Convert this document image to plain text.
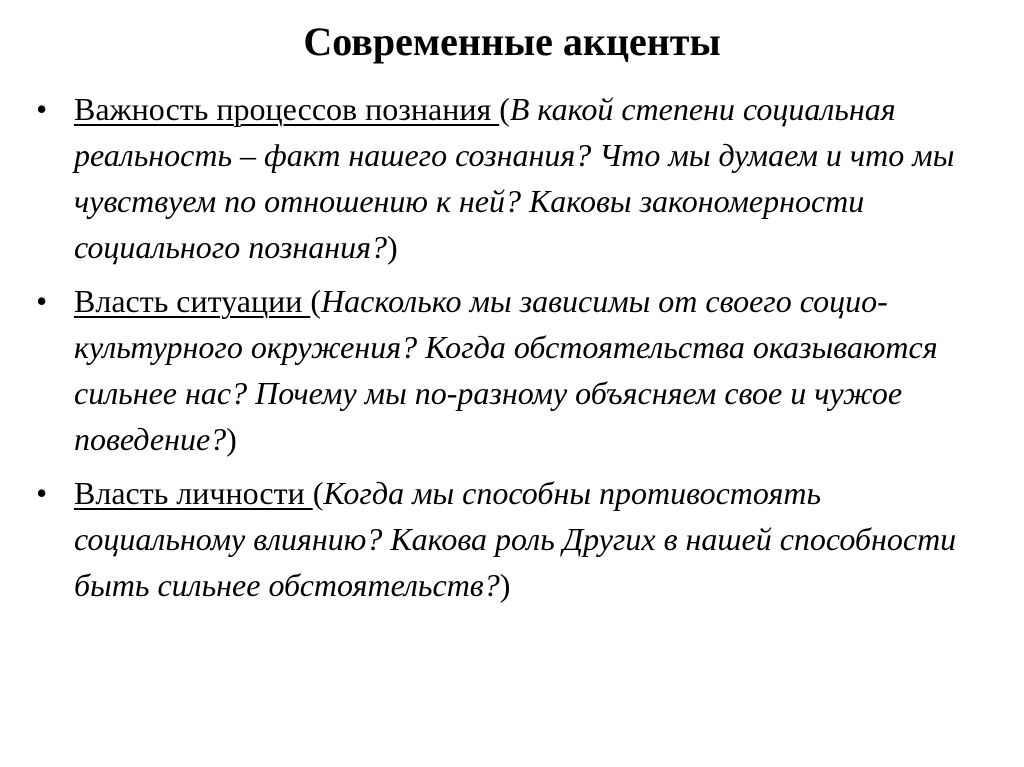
Современные акценты
• Важность процессов познания (В какой степени социальная реальность – факт нашего сознания? Что мы думаем и что мы чувствуем по отношению к ней? Каковы закономерности социального познания?)
• Власть ситуации (Насколько мы зависимы от своего социо-культурного окружения? Когда обстоятельства оказываются сильнее нас? Почему мы по-разному объясняем свое и чужое поведение?)
• Власть личности (Когда мы способны противостоять социальному влиянию? Какова роль Других в нашей способности быть сильнее обстоятельств?)
